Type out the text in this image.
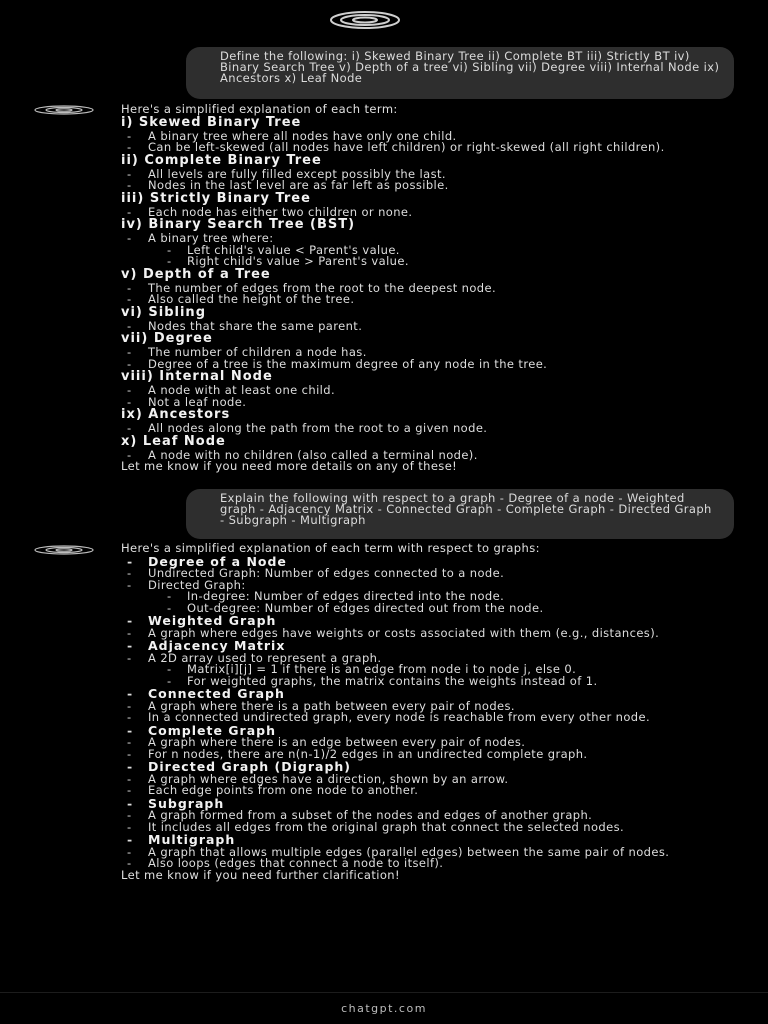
Define the following: i) Skewed Binary Tree ii) Complete BT iii) Strictly BT iv) Binary Search Tree v) Depth of a tree vi) Sibling vii) Degree viii) Internal Node ix) Ancestors x) Leaf Node
Here's a simplified explanation of each term:
i) Skewed Binary Tree
- A binary tree where all nodes have only one child.
- Can be left-skewed (all nodes have left children) or right-skewed (all right children).
ii) Complete Binary Tree
- All levels are fully filled except possibly the last.
- Nodes in the last level are as far left as possible.
iii) Strictly Binary Tree
- Each node has either two children or none.
iv) Binary Search Tree (BST)
- A binary tree where:
- Left child's value < Parent's value.
- Right child's value > Parent's value.
v) Depth of a Tree
- The number of edges from the root to the deepest node.
- Also called the height of the tree.
vi) Sibling
- Nodes that share the same parent.
vii) Degree
- The number of children a node has.
- Degree of a tree is the maximum degree of any node in the tree.
viii) Internal Node
- A node with at least one child.
- Not a leaf node.
ix) Ancestors
- All nodes along the path from the root to a given node.
x) Leaf Node
- A node with no children (also called a terminal node).
Let me know if you need more details on any of these!
Explain the following with respect to a graph - Degree of a node - Weighted graph - Adjacency Matrix - Connected Graph - Complete Graph - Directed Graph - Subgraph - Multigraph
Here's a simplified explanation of each term with respect to graphs:
- Degree of a Node
- Undirected Graph: Number of edges connected to a node.
- Directed Graph:
- In-degree: Number of edges directed into the node.
- Out-degree: Number of edges directed out from the node.
- Weighted Graph
- A graph where edges have weights or costs associated with them (e.g., distances).
- Adjacency Matrix
- A 2D array used to represent a graph.
- Matrix[i][j] = 1 if there is an edge from node i to node j, else 0.
- For weighted graphs, the matrix contains the weights instead of 1.
- Connected Graph
- A graph where there is a path between every pair of nodes.
- In a connected undirected graph, every node is reachable from every other node.
- Complete Graph
- A graph where there is an edge between every pair of nodes.
- For n nodes, there are n(n-1)/2 edges in an undirected complete graph.
- Directed Graph (Digraph)
- A graph where edges have a direction, shown by an arrow.
- Each edge points from one node to another.
- Subgraph
- A graph formed from a subset of the nodes and edges of another graph.
- It includes all edges from the original graph that connect the selected nodes.
- Multigraph
- A graph that allows multiple edges (parallel edges) between the same pair of nodes.
- Also loops (edges that connect a node to itself).
Let me know if you need further clarification!
chatgpt.com
